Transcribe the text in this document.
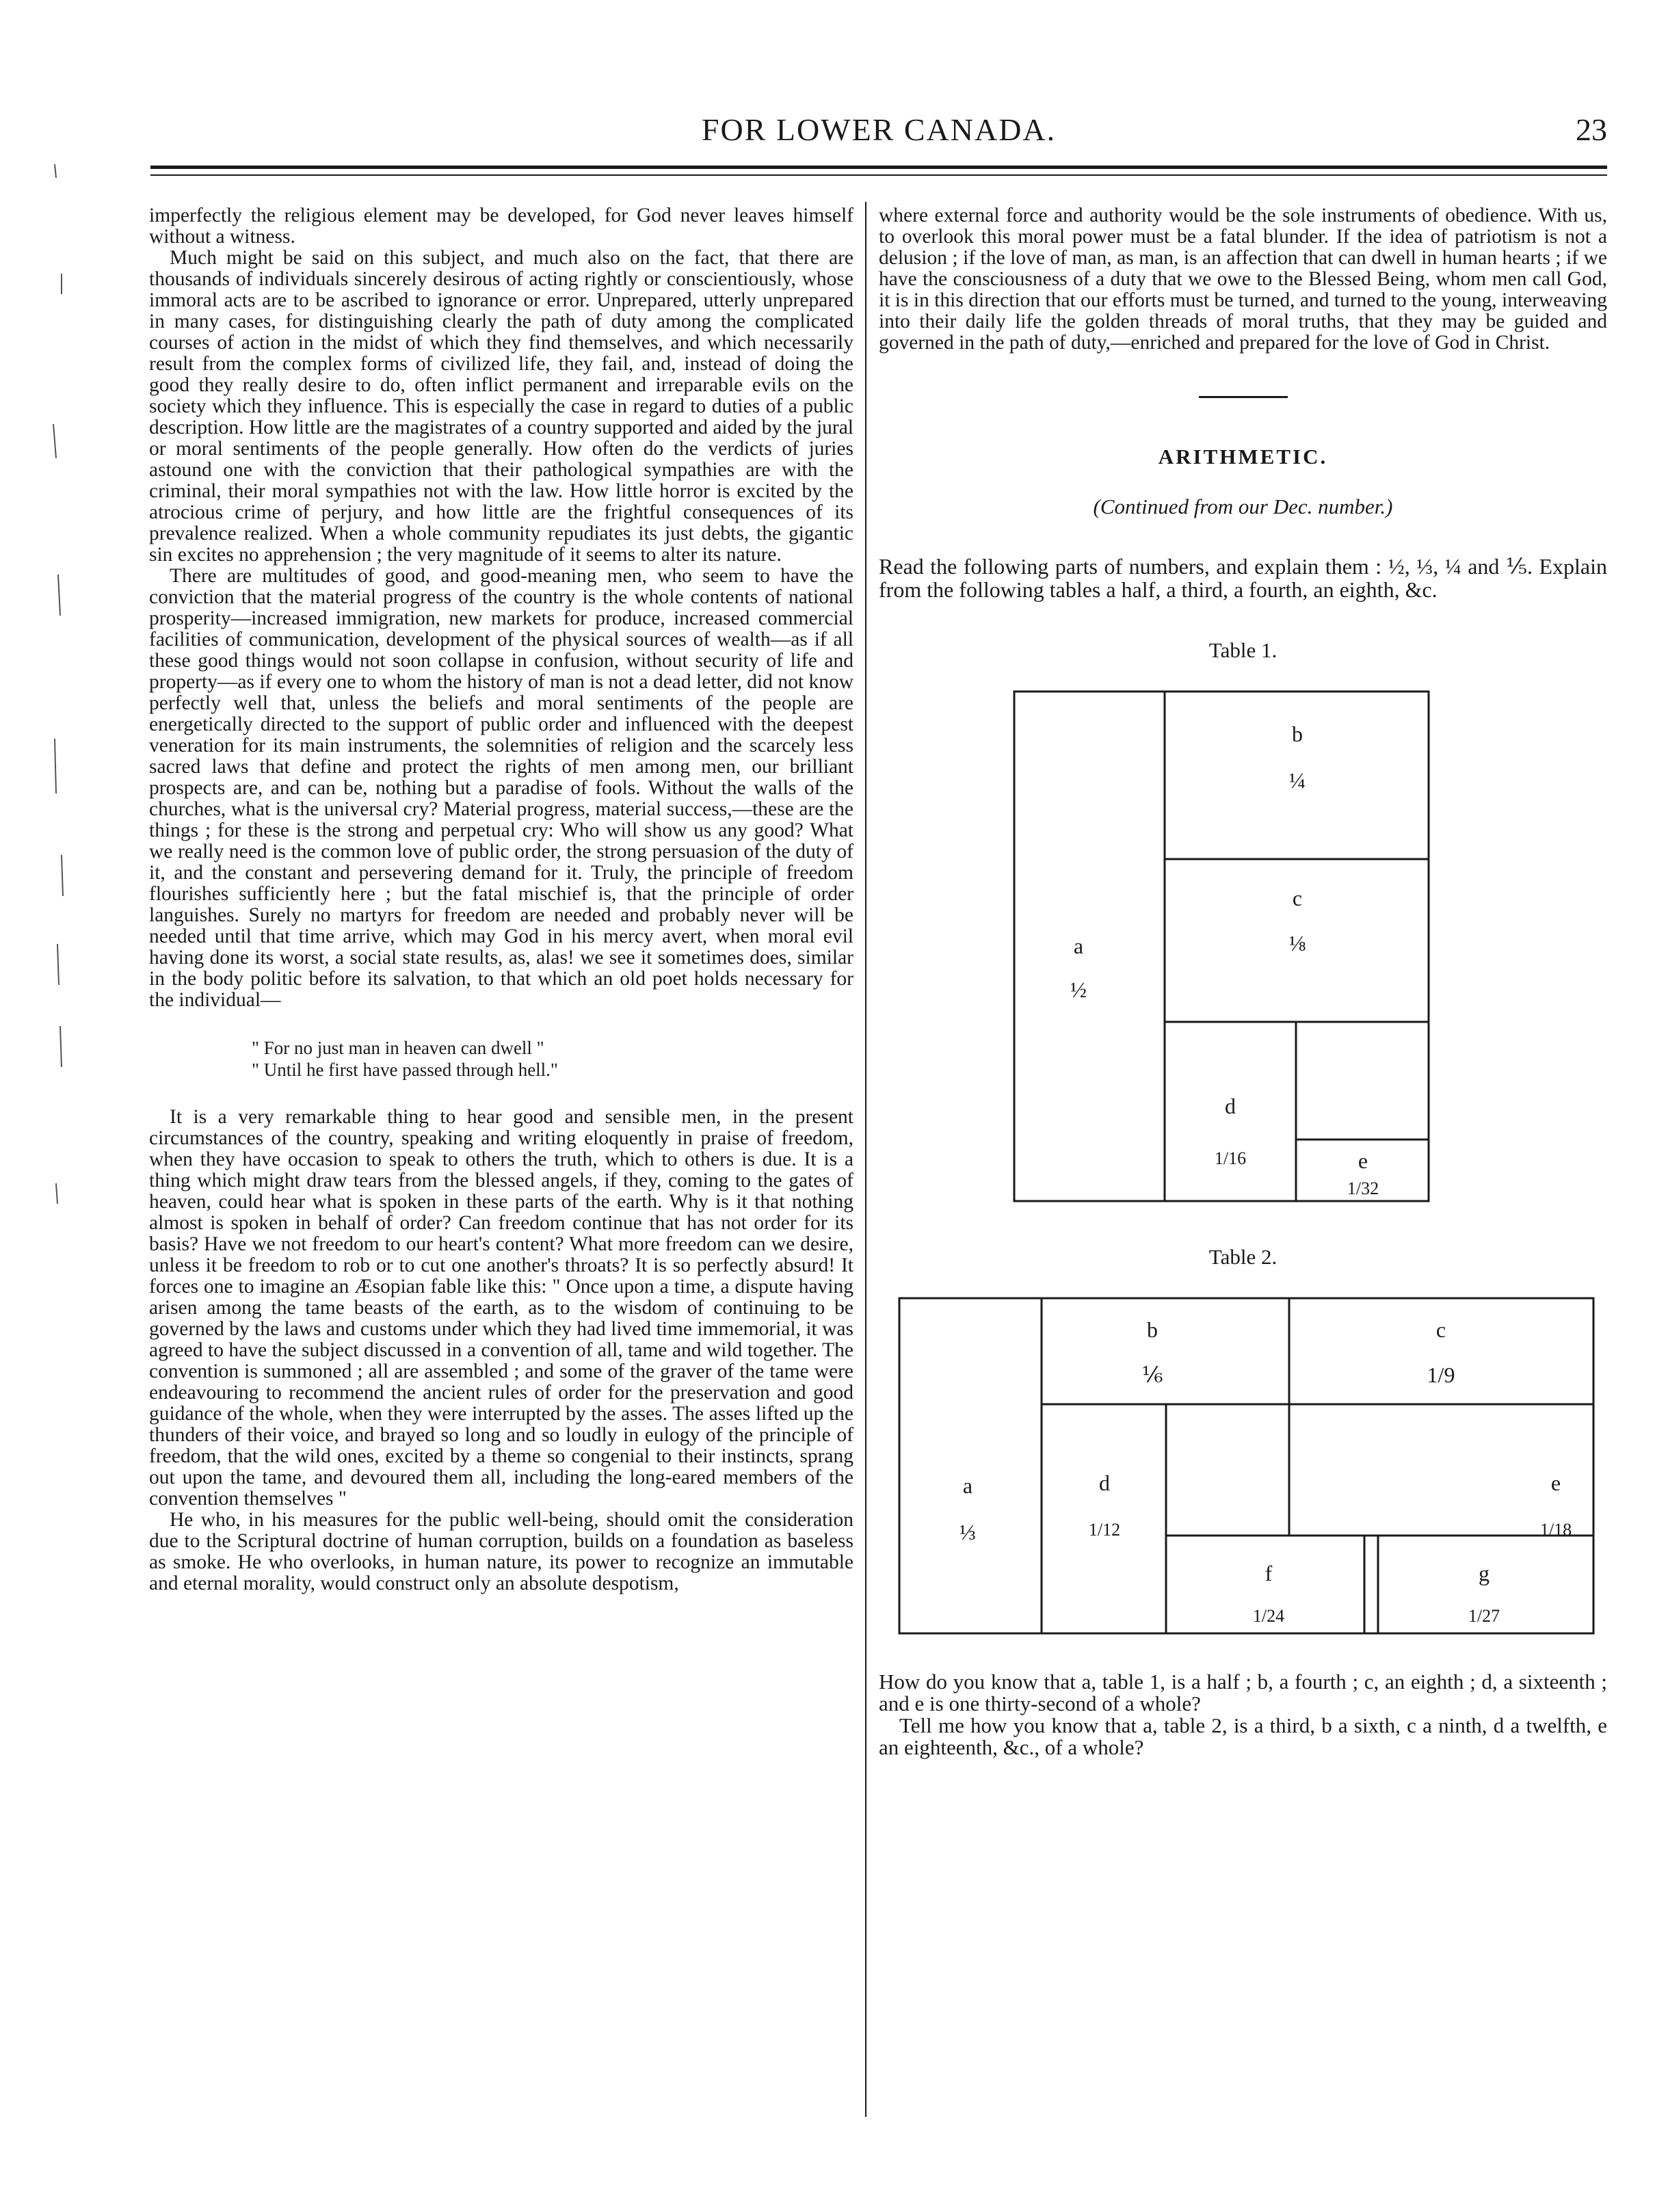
FOR LOWER CANADA.	23

imperfectly the religious element may be developed, for God never leaves himself without a witness.

Much might be said on this subject, and much also on the fact, that there are thousands of individuals sincerely desirous of acting rightly or conscientiously, whose immoral acts are to be ascribed to ignorance or error. Unprepared, utterly unprepared in many cases, for distinguishing clearly the path of duty among the complicated courses of action in the midst of which they find themselves, and which necessarily result from the complex forms of civilized life, they fail, and, instead of doing the good they really desire to do, often inflict permanent and irreparable evils on the society which they influence. This is especially the case in regard to duties of a public description. How little are the magistrates of a country supported and aided by the jural or moral sentiments of the people generally. How often do the verdicts of juries astound one with the conviction that their pathological sympathies are with the criminal, their moral sympathies not with the law. How little horror is excited by the atrocious crime of perjury, and how little are the frightful consequences of its prevalence realized. When a whole community repudiates its just debts, the gigantic sin excites no apprehension ; the very magnitude of it seems to alter its nature.

There are multitudes of good, and good-meaning men, who seem to have the conviction that the material progress of the country is the whole contents of national prosperity—increased immigration, new markets for produce, increased commercial facilities of communication, development of the physical sources of wealth—as if all these good things would not soon collapse in confusion, without security of life and property—as if every one to whom the history of man is not a dead letter, did not know perfectly well that, unless the beliefs and moral sentiments of the people are energetically directed to the support of public order and influenced with the deepest veneration for its main instruments, the solemnities of religion and the scarcely less sacred laws that define and protect the rights of men among men, our brilliant prospects are, and can be, nothing but a paradise of fools. Without the walls of the churches, what is the universal cry? Material progress, material success,—these are the things ; for these is the strong and perpetual cry: Who will show us any good? What we really need is the common love of public order, the strong persuasion of the duty of it, and the constant and persevering demand for it. Truly, the principle of freedom flourishes sufficiently here ; but the fatal mischief is, that the principle of order languishes. Surely no martyrs for freedom are needed and probably never will be needed until that time arrive, which may God in his mercy avert, when moral evil having done its worst, a social state results, as, alas! we see it sometimes does, similar in the body politic before its salvation, to that which an old poet holds necessary for the individual—

" For no just man in heaven can dwell "
" Until he first have passed through hell."

It is a very remarkable thing to hear good and sensible men, in the present circumstances of the country, speaking and writing eloquently in praise of freedom, when they have occasion to speak to others the truth, which to others is due. It is a thing which might draw tears from the blessed angels, if they, coming to the gates of heaven, could hear what is spoken in these parts of the earth. Why is it that nothing almost is spoken in behalf of order? Can freedom continue that has not order for its basis? Have we not freedom to our heart's content? What more freedom can we desire, unless it be freedom to rob or to cut one another's throats? It is so perfectly absurd! It forces one to imagine an Æsopian fable like this: " Once upon a time, a dispute having arisen among the tame beasts of the earth, as to the wisdom of continuing to be governed by the laws and customs under which they had lived time immemorial, it was agreed to have the subject discussed in a convention of all, tame and wild together. The convention is summoned ; all are assembled ; and some of the graver of the tame were endeavouring to recommend the ancient rules of order for the preservation and good guidance of the whole, when they were interrupted by the asses. The asses lifted up the thunders of their voice, and brayed so long and so loudly in eulogy of the principle of freedom, that the wild ones, excited by a theme so congenial to their instincts, sprang out upon the tame, and devoured them all, including the long-eared members of the convention themselves "

He who, in his measures for the public well-being, should omit the consideration due to the Scriptural doctrine of human corruption, builds on a foundation as baseless as smoke. He who overlooks, in human nature, its power to recognize an immutable and eternal morality, would construct only an absolute despotism,

where external force and authority would be the sole instruments of obedience. With us, to overlook this moral power must be a fatal blunder. If the idea of patriotism is not a delusion ; if the love of man, as man, is an affection that can dwell in human hearts ; if we have the consciousness of a duty that we owe to the Blessed Being, whom men call God, it is in this direction that our efforts must be turned, and turned to the young, interweaving into their daily life the golden threads of moral truths, that they may be guided and governed in the path of duty,—enriched and prepared for the love of God in Christ.

ARITHMETIC.
(Continued from our Dec. number.)

Read the following parts of numbers, and explain them : ½, ⅓, ¼ and ⅕. Explain from the following tables a half, a third, a fourth, an eighth, &c.

Table 1.
a
½
b
¼
c
⅛
d
1/16	e
1/32
Table 2.
a
⅓
b
⅙
c
1/9
d
1/12
e
1/18
f
1/24
g
1/27

How do you know that a, table 1, is a half ; b, a fourth ; c, an eighth ; d, a sixteenth ; and e is one thirty-second of a whole?

Tell me how you know that a, table 2, is a third, b a sixth, c a ninth, d a twelfth, e an eighteenth, &c., of a whole?
